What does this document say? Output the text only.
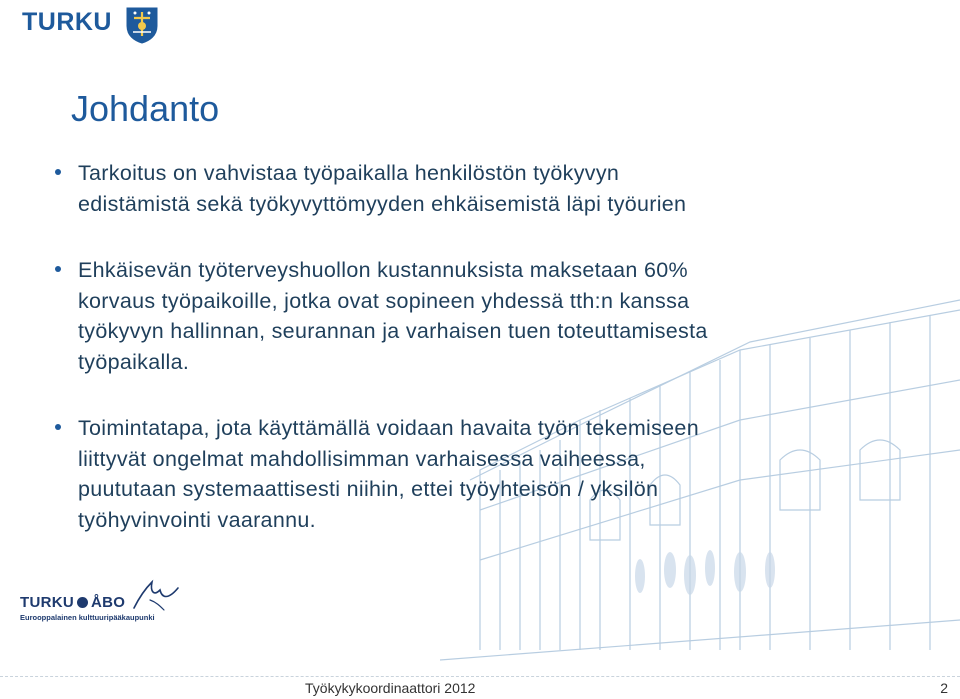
TURKU
Johdanto
Tarkoitus on vahvistaa työpaikalla henkilöstön työkyvyn
edistämistä sekä työkyvyttömyyden ehkäisemistä läpi työurien
Ehkäisevän työterveyshuollon kustannuksista maksetaan 60%
korvaus työpaikoille, jotka ovat sopineen yhdessä tth:n kanssa
työkyvyn hallinnan, seurannan ja varhaisen tuen toteuttamisesta
työpaikalla.
Toimintatapa, jota käyttämällä voidaan havaita työn tekemiseen
liittyvät ongelmat mahdollisimman varhaisessa vaiheessa,
puututaan systemaattisesti niihin, ettei työyhteisön / yksilön
työhyvinvointi vaarannu.
TURKU ÅBO
Eurooppalainen kulttuuripääkaupunki
Työkykykoordinaattori 2012	2
